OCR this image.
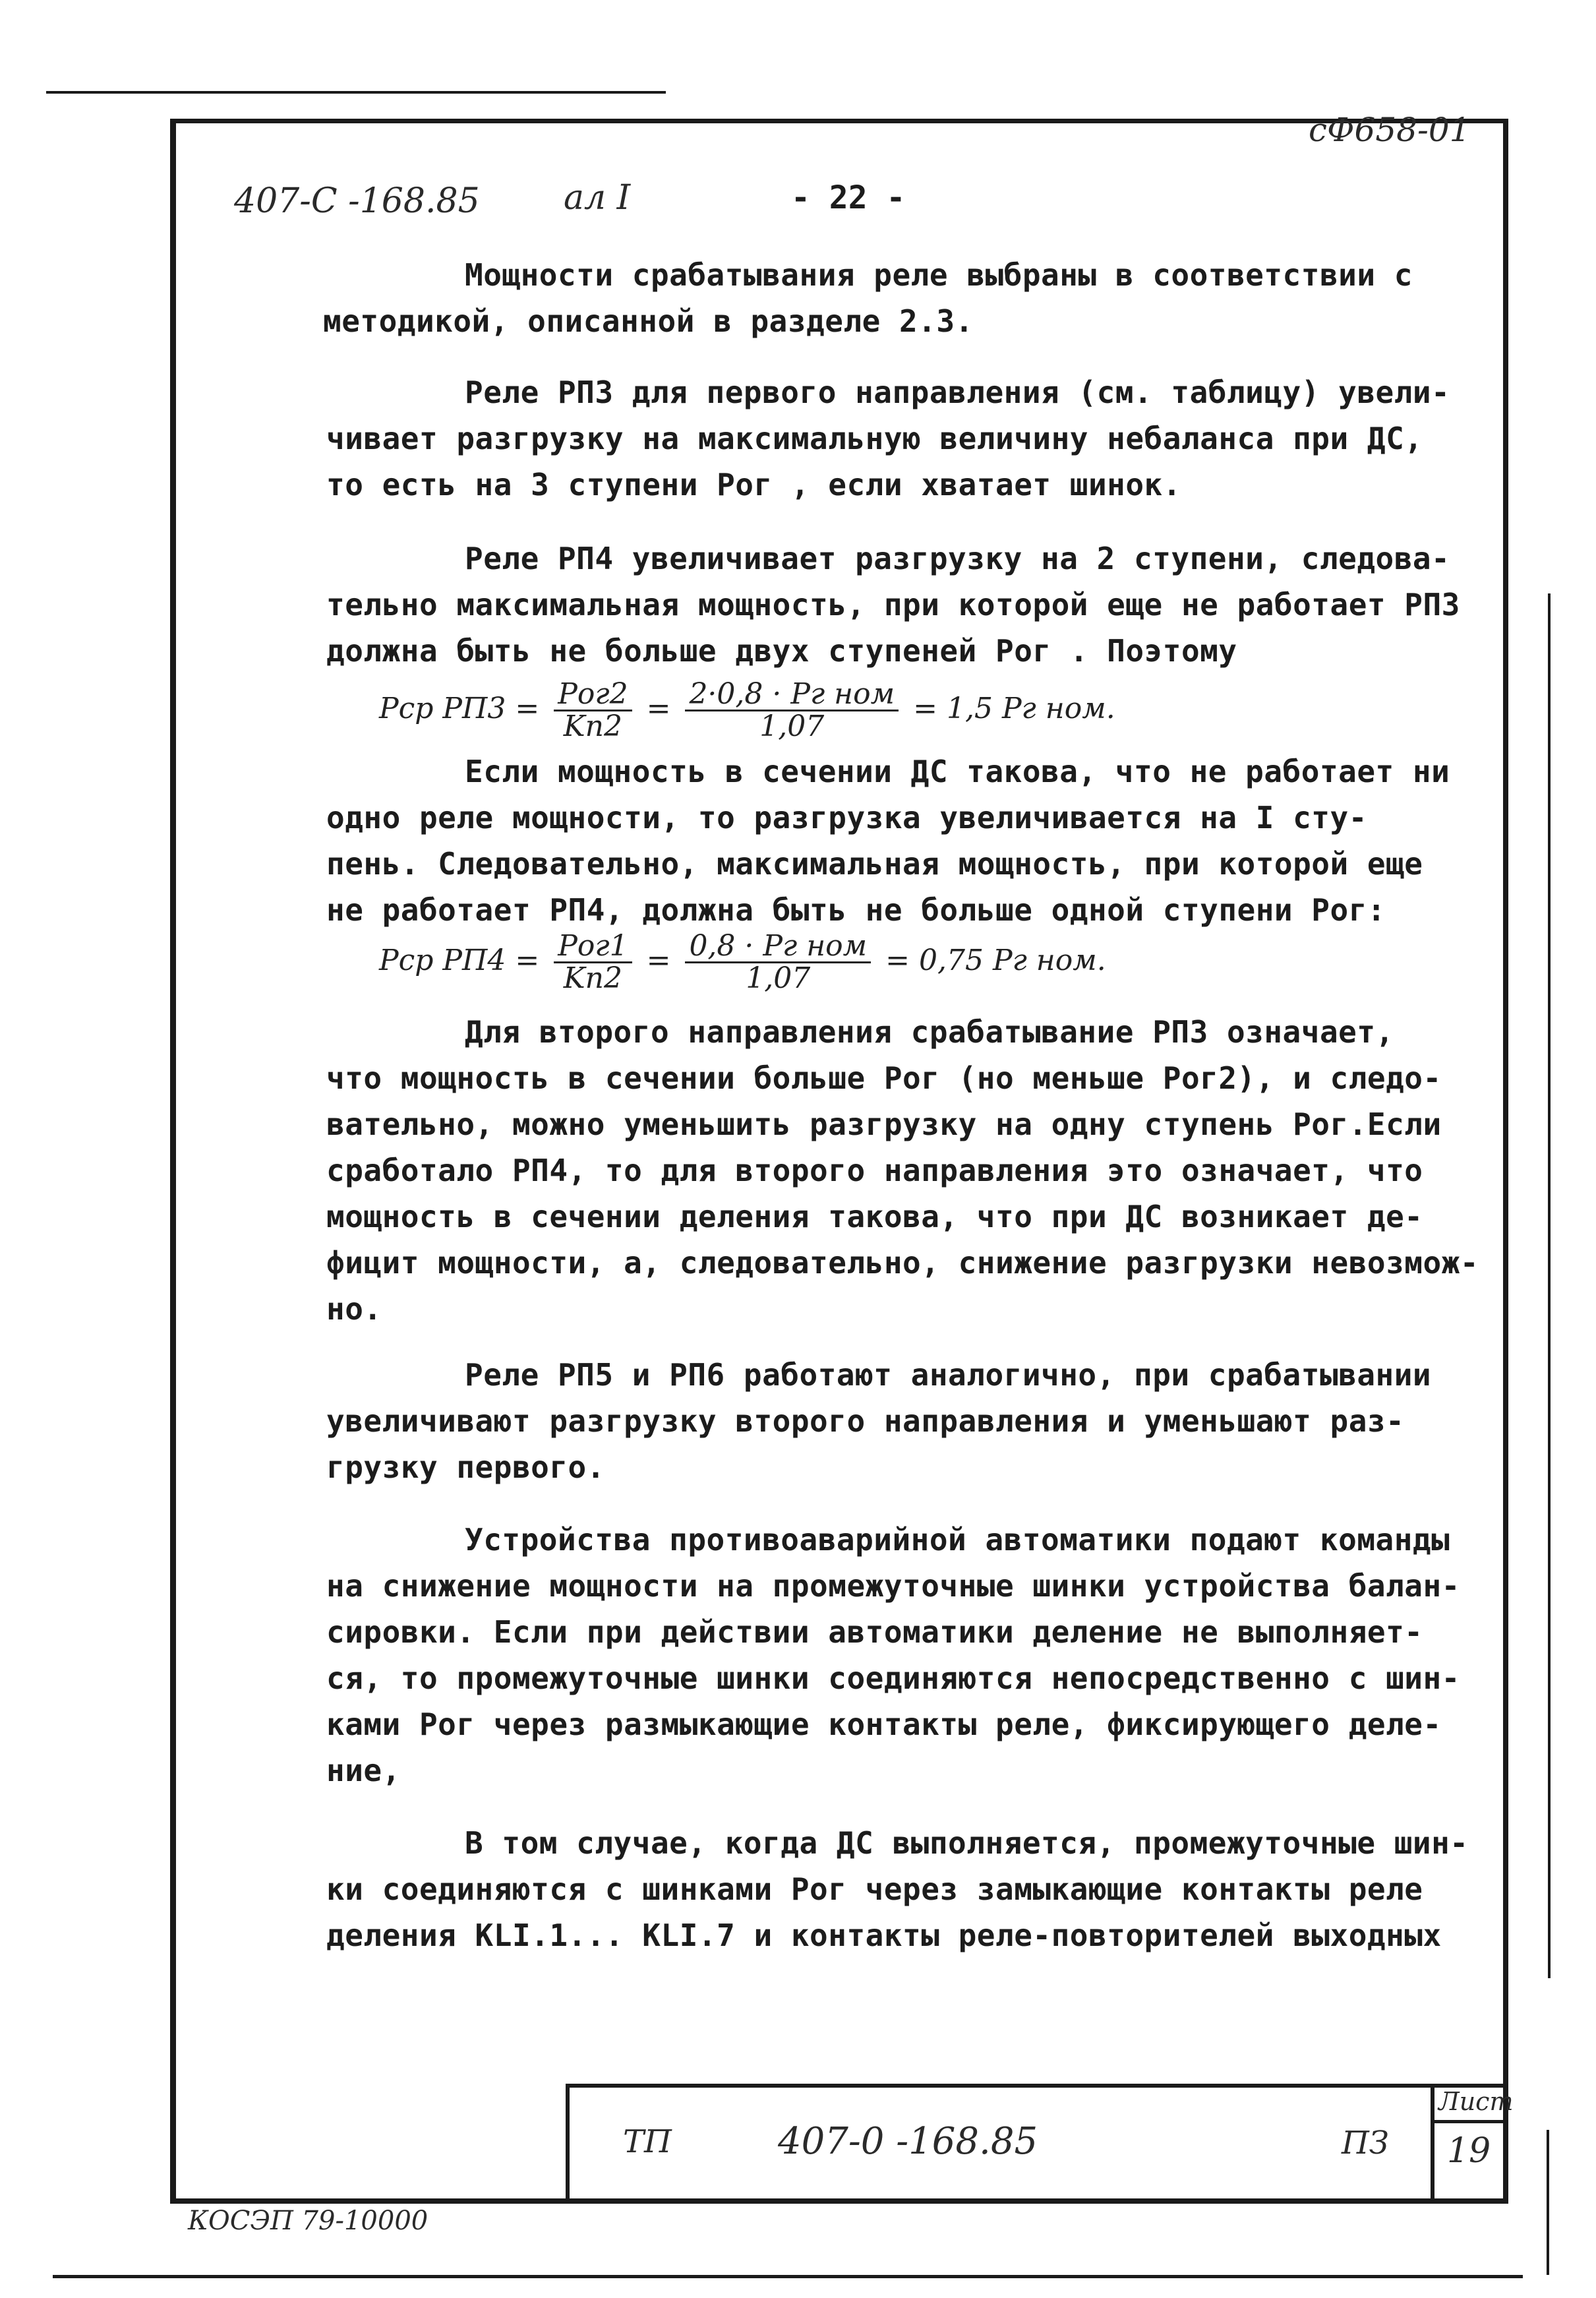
сФ658-01
407-С -168.85 ал I	- 22 -
Мощности срабатывания реле выбраны в соответствии с
методикой, описанной в разделе 2.3.
Реле РП3 для первого направления (см. таблицу) увели-
чивает разгрузку на максимальную величину небаланса при ДС,
то есть на 3 ступени Pог , если хватает шинок.
Реле РП4 увеличивает разгрузку на 2 ступени, следова-
тельно максимальная мощность, при которой еще не работает РП3
должна быть не больше двух ступеней Pог . Поэтому
Если мощность в сечении ДС такова, что не работает ни
одно реле мощности, то разгрузка увеличивается на I сту-
пень. Следовательно, максимальная мощность, при которой еще
не работает РП4, должна быть не больше одной ступени Pог:
Для второго направления срабатывание РП3 означает,
что мощность в сечении больше Pог (но меньше Pог2), и следо-
вательно, можно уменьшить разгрузку на одну ступень Pог.Если
сработало РП4, то для второго направления это означает, что
мощность в сечении деления такова, что при ДС возникает де-
фицит мощности, а, следовательно, снижение разгрузки невозмож-
но.
Реле РП5 и РП6 работают аналогично, при срабатывании
увеличивают разгрузку второго направления и уменьшают раз-
грузку первого.
Устройства противоаварийной автоматики подают команды
на снижение мощности на промежуточные шинки устройства балан-
сировки. Если при действии автоматики деление не выполняет-
ся, то промежуточные шинки соединяются непосредственно с шин-
ками Pог через размыкающие контакты реле, фиксирующего деле-
ние,
В том случае, когда ДС выполняется, промежуточные шин-
ки соединяются с шинками Pог через замыкающие контакты реле
деления KLI.1... KLI.7 и контакты реле-повторителей выходных
Pср $РП3 = \frac{\text{Pог2}}{Kп2} = \frac{\text{2·0,8 · Pг ном}}{1,07} = 1,5$ Pг ном.
Pср $РП4 = \frac{\text{Pог1}}{Kп2} = \frac{\text{0,8 · Pг ном}}{1,07} = 0,75$ Pг ном.
ТП	407-0 -168.85	ПЗ
Лист
19
КОСЭП 79-10000
